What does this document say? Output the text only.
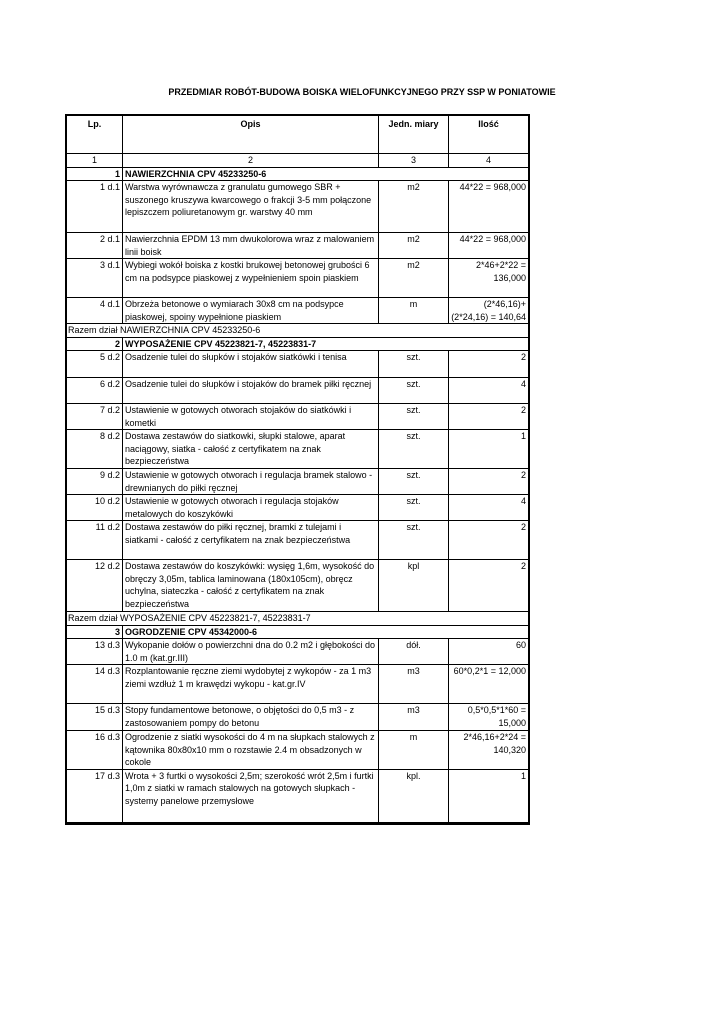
PRZEDMIAR ROBÓT-BUDOWA BOISKA WIELOFUNKCYJNEGO PRZY SSP W PONIATOWIE
Lp.	Opis	Jedn. miary	Ilość
1	2	3	4
1	NAWIERZCHNIA CPV 45233250-6		
1 d.1	Warstwa wyrównawcza z granulatu gumowego SBR + suszonego kruszywa kwarcowego o frakcji 3-5 mm połączone lepiszczem poliuretanowym gr. warstwy 40 mm	m2	44*22 = 968,000
2 d.1	Nawierzchnia EPDM 13 mm dwukolorowa wraz z malowaniem linii boisk	m2	44*22 = 968,000
3 d.1	Wybiegi wokół boiska z kostki brukowej betonowej grubości 6 cm na podsypce piaskowej z wypełnieniem spoin piaskiem	m2	2*46+2*22 = 136,000
4 d.1	Obrzeża betonowe o wymiarach 30x8 cm na podsypce piaskowej, spoiny wypełnione piaskiem	m	(2*46,16)+(2*24,16) = 140,64
Razem dział NAWIERZCHNIA CPV 45233250-6			
2	WYPOSAŻENIE CPV 45223821-7, 45223831-7		
5 d.2	Osadzenie tulei do słupków i stojaków siatkówki i tenisa	szt.	2
6 d.2	Osadzenie tulei do słupków i stojaków do bramek piłki ręcznej	szt.	4
7 d.2	Ustawienie w gotowych otworach stojaków do siatkówki i kometki	szt.	2
8 d.2	Dostawa zestawów do siatkowki, słupki stalowe, aparat naciągowy, siatka - całość z certyfikatem na znak bezpieczeństwa	szt.	1
9 d.2	Ustawienie w gotowych otworach i regulacja bramek stalowo - drewnianych do piłki ręcznej	szt.	2
10 d.2	Ustawienie w gotowych otworach i regulacja stojaków metalowych do koszykówki	szt.	4
11 d.2	Dostawa zestawów do piłki ręcznej, bramki z tulejami i siatkami - całość z certyfikatem na znak bezpieczeństwa	szt.	2
12 d.2	Dostawa zestawów do koszykówki: wysięg 1,6m, wysokość do obręczy 3,05m, tablica laminowana (180x105cm), obręcz uchylna, siateczka - całość z certyfikatem na znak bezpieczeństwa	kpl	2
Razem dział WYPOSAŻENIE CPV 45223821-7, 45223831-7			
3	OGRODZENIE CPV 45342000-6		
13 d.3	Wykopanie dołów o powierzchni dna do 0.2 m2 i głębokości do 1.0 m (kat.gr.III)	dół.	60
14 d.3	Rozplantowanie ręczne ziemi wydobytej z wykopów - za 1 m3 ziemi wzdłuż 1 m krawędzi wykopu - kat.gr.IV	m3	60*0,2*1 = 12,000
15 d.3	Stopy fundamentowe betonowe, o objętości do 0,5 m3 - z zastosowaniem pompy do betonu	m3	0,5*0,5*1*60 = 15,000
16 d.3	Ogrodzenie z siatki wysokości do 4 m na słupkach stalowych z kątownika 80x80x10 mm o rozstawie 2.4 m obsadzonych w cokole	m	2*46,16+2*24 = 140,320
17 d.3	Wrota + 3 furtki o wysokości 2,5m; szerokość wrót 2,5m i furtki 1,0m z siatki w ramach stalowych na gotowych słupkach - systemy panelowe przemysłowe	kpl.	1
